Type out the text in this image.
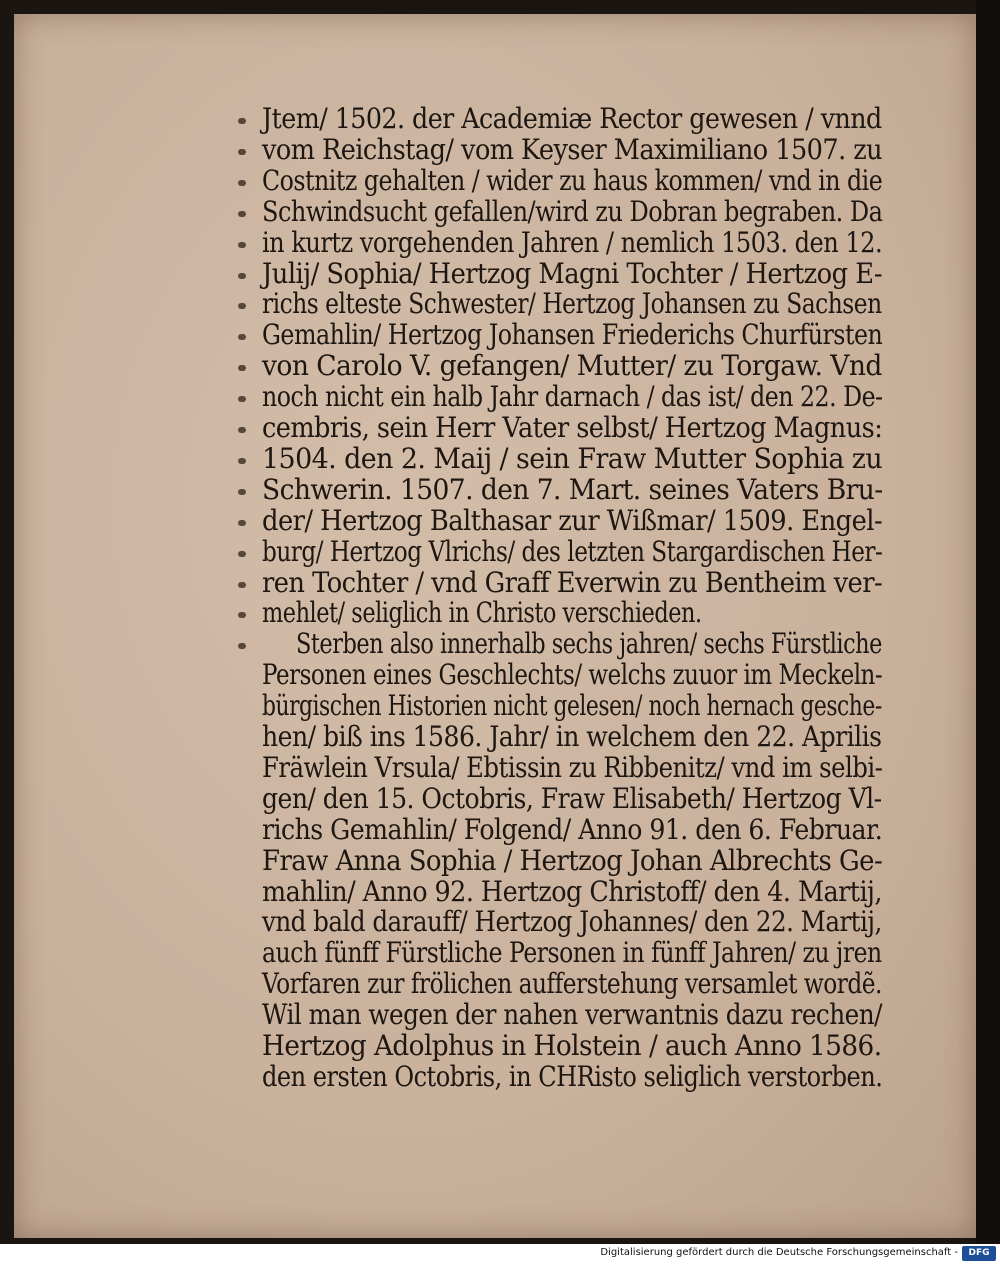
Jtem/ 1502. der Academiæ Rector gewesen / vnnd
vom Reichstag/ vom Keyser Maximiliano 1507. zu
Costnitz gehalten / wider zu haus kommen/ vnd in die
Schwindsucht gefallen/wird zu Dobran begraben. Da
in kurtz vorgehenden Jahren / nemlich 1503. den 12.
Julij/ Sophia/ Hertzog Magni Tochter / Hertzog E-
richs elteste Schwester/ Hertzog Johansen zu Sachsen
Gemahlin/ Hertzog Johansen Friederichs Churfürsten
von Carolo V. gefangen/ Mutter/ zu Torgaw. Vnd
noch nicht ein halb Jahr darnach / das ist/ den 22. De-
cembris, sein Herr Vater selbst/ Hertzog Magnus:
1504. den 2. Maij / sein Fraw Mutter Sophia zu
Schwerin. 1507. den 7. Mart. seines Vaters Bru-
der/ Hertzog Balthasar zur Wißmar/ 1509. Engel-
burg/ Hertzog Vlrichs/ des letzten Stargardischen Her-
ren Tochter / vnd Graff Everwin zu Bentheim ver-
mehlet/ seliglich in Christo verschieden.
Sterben also innerhalb sechs jahren/ sechs Fürstliche
Personen eines Geschlechts/ welchs zuuor im Meckeln-
bürgischen Historien nicht gelesen/ noch hernach gesche-
hen/ biß ins 1586. Jahr/ in welchem den 22. Aprilis
Fräwlein Vrsula/ Ebtissin zu Ribbenitz/ vnd im selbi-
gen/ den 15. Octobris, Fraw Elisabeth/ Hertzog Vl-
richs Gemahlin/ Folgend/ Anno 91. den 6. Februar.
Fraw Anna Sophia / Hertzog Johan Albrechts Ge-
mahlin/ Anno 92. Hertzog Christoff/ den 4. Martij,
vnd bald darauff/ Hertzog Johannes/ den 22. Martij,
auch fünff Fürstliche Personen in fünff Jahren/ zu jren
Vorfaren zur frölichen aufferstehung versamlet wordẽ.
Wil man wegen der nahen verwantnis dazu rechen/
Hertzog Adolphus in Holstein / auch Anno 1586.
den ersten Octobris, in CHRisto seliglich verstorben.
Digitalisierung gefördert durch die Deutsche Forschungsgemeinschaft -	DFG
